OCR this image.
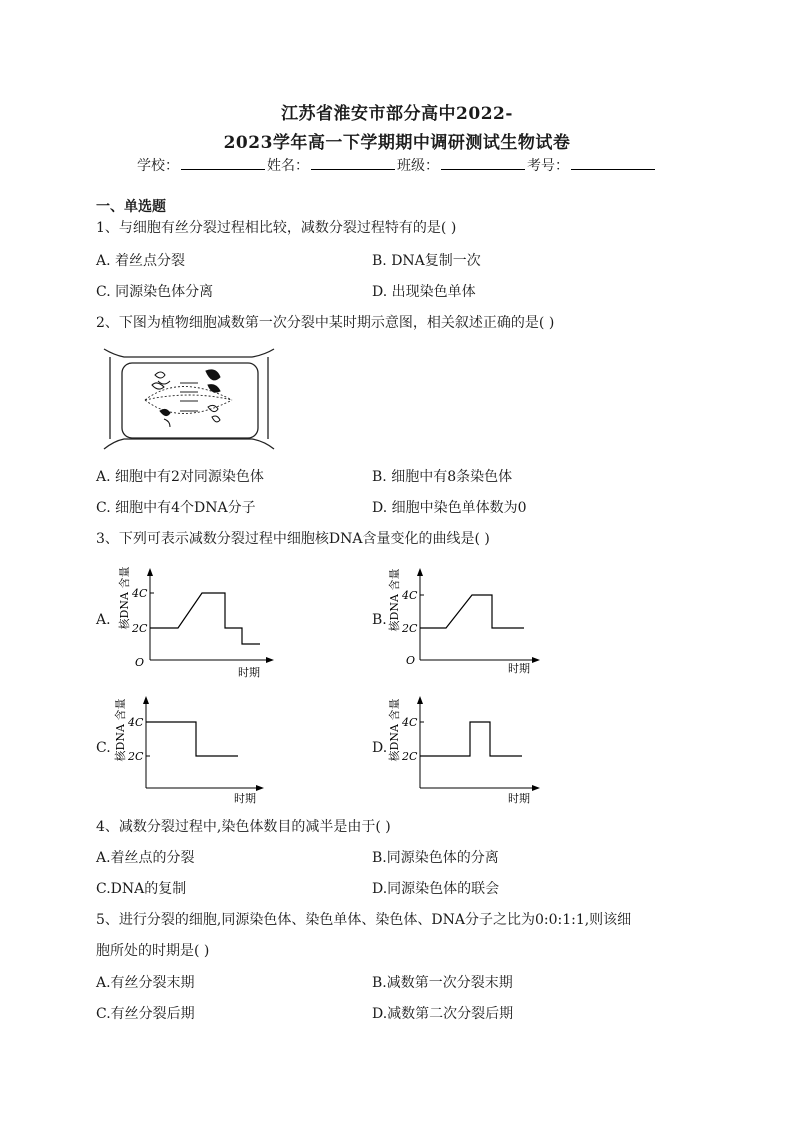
江苏省淮安市部分高中2022-
2023学年高一下学期期中调研测试生物试卷
学校：	姓名：	班级：	考号：
一、单选题
1、与细胞有丝分裂过程相比较，减数分裂过程特有的是( )
A. 着丝点分裂	B. DNA复制一次
C. 同源染色体分离	D. 出现染色单体
2、下图为植物细胞减数第一次分裂中某时期示意图，相关叙述正确的是( )
A. 细胞中有2对同源染色体	B. 细胞中有8条染色体
C. 细胞中有4个DNA分子	D. 细胞中染色单体数为0
3、下列可表示减数分裂过程中细胞核DNA含量变化的曲线是( )
A. 核DNA 含量
O
4C
2C
时期
B. 核DNA 含量
O
4C
2C
时期
C. 核DNA 含量 4C
2C
时期
D. 核DNA 含量 4C
2C
时期
4、减数分裂过程中,染色体数目的减半是由于( )
A.着丝点的分裂	B.同源染色体的分离
C.DNA的复制	D.同源染色体的联会
5、进行分裂的细胞,同源染色体、染色单体、染色体、DNA分子之比为0:0:1:1,则该细
胞所处的时期是( )
A.有丝分裂末期	B.减数第一次分裂末期
C.有丝分裂后期	D.减数第二次分裂后期
